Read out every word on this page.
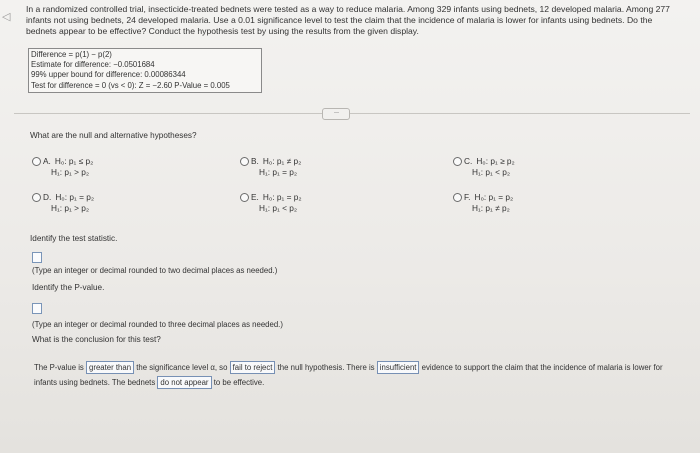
◁
In a randomized controlled trial, insecticide-treated bednets were tested as a way to reduce malaria. Among 329 infants using bednets, 12 developed malaria. Among 277 infants not using bednets, 24 developed malaria. Use a 0.01 significance level to test the claim that the incidence of malaria is lower for infants using bednets. Do the bednets appear to be effective? Conduct the hypothesis test by using the results from the given display.
Difference = p(1) − p(2)
Estimate for difference: −0.0501684
99% upper bound for difference: 0.00086344
Test for difference = 0 (vs < 0): Z = −2.60 P-Value = 0.005
·····
What are the null and alternative hypotheses?
A. H₀: p₁ ≤ p₂
H₁: p₁ > p₂
B. H₀: p₁ ≠ p₂
H₁: p₁ = p₂
C. H₀: p₁ ≥ p₂
H₁: p₁ < p₂
D. H₀: p₁ = p₂
H₁: p₁ > p₂
E. H₀: p₁ = p₂
H₁: p₁ < p₂
F. H₀: p₁ = p₂
H₁: p₁ ≠ p₂
Identify the test statistic.
(Type an integer or decimal rounded to two decimal places as needed.)
Identify the P-value.
(Type an integer or decimal rounded to three decimal places as needed.)
What is the conclusion for this test?
The P-value is greater than the significance level α, so fail to reject the null hypothesis. There is insufficient evidence to support the claim that the incidence of malaria is lower for infants using bednets. The bednets do not appear to be effective.
